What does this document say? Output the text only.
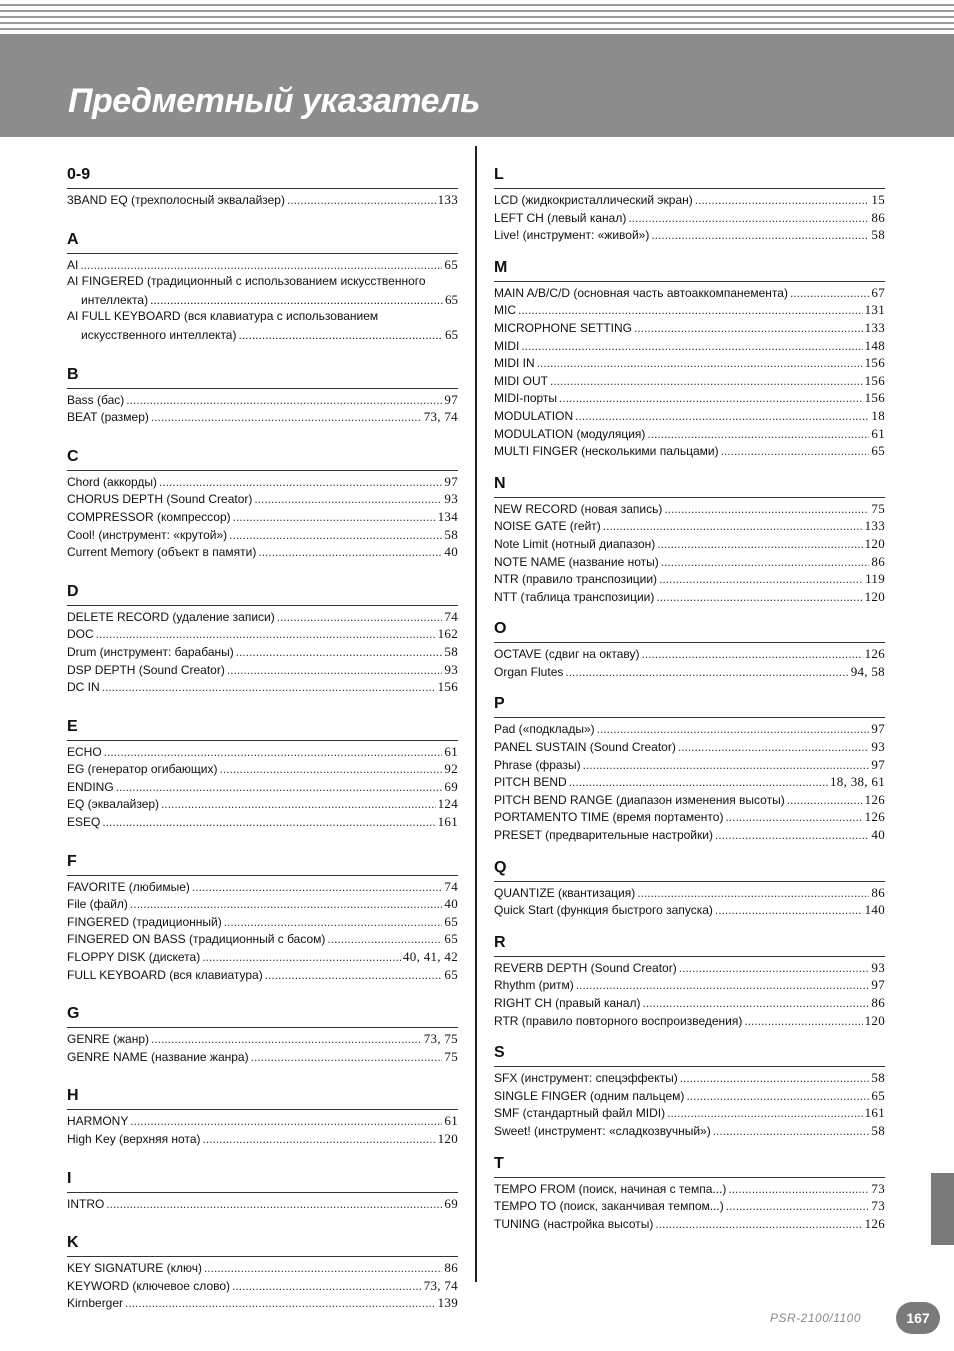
Предметный указатель
0-9
3BAND EQ (трехполосный эквалайзер) .....	133
A
AI .....	65
AI FINGERED (традиционный с использованием искусственного
интеллекта) .....	65
AI FULL KEYBOARD (вся клавиатура с использованием
искусственного интеллекта) .....	65
B
Bass (бас) .....	97
BEAT (размер) .....	73, 74
C
Chord (аккорды) .....	97
CHORUS DEPTH (Sound Creator) .....	93
COMPRESSOR (компрессор) .....	134
Cool! (инструмент: «крутой») .....	58
Current Memory (объект в памяти) .....	40
D
DELETE RECORD (удаление записи) .....	74
DOC .....	162
Drum (инструмент: барабаны) .....	58
DSP DEPTH (Sound Creator) .....	93
DC IN .....	156
E
ECHO .....	61
EG (генератор огибающих) .....	92
ENDING .....	69
EQ (эквалайзер) .....	124
ESEQ .....	161
F
FAVORITE (любимые) .....	74
File (файл) .....	40
FINGERED (традиционный) .....	65
FINGERED ON BASS (традиционный с басом) .....	65
FLOPPY DISK (дискета) .....	40, 41, 42
FULL KEYBOARD (вся клавиатура) .....	65
G
GENRE (жанр) .....	73, 75
GENRE NAME (название жанра) .....	75
H
HARMONY .....	61
High Key (верхняя нота) .....	120
I
INTRO .....	69
K
KEY SIGNATURE (ключ) .....	86
KEYWORD (ключевое слово) .....	73, 74
Kirnberger .....	139
L
LCD (жидкокристаллический экран) .....	15
LEFT CH (левый канал) .....	86
Live! (инструмент: «живой») .....	58
M
MAIN A/B/C/D (основная часть автоаккомпанемента) .....	67
MIC .....	131
MICROPHONE SETTING .....	133
MIDI .....	148
MIDI IN .....	156
MIDI OUT .....	156
MIDI-порты .....	156
MODULATION .....	18
MODULATION (модуляция) .....	61
MULTI FINGER (несколькими пальцами) .....	65
N
NEW RECORD (новая запись) .....	75
NOISE GATE (гейт) .....	133
Note Limit (нотный диапазон) .....	120
NOTE NAME (название ноты) .....	86
NTR (правило транспозиции) .....	119
NTT (таблица транспозиции) .....	120
O
OCTAVE (сдвиг на октаву) .....	126
Organ Flutes .....	94, 58
P
Pad («подклады») .....	97
PANEL SUSTAIN (Sound Creator) .....	93
Phrase (фразы) .....	97
PITCH BEND .....	18, 38, 61
PITCH BEND RANGE (диапазон изменения высоты) .....	126
PORTAMENTO TIME (время портаменто) .....	126
PRESET (предварительные настройки) .....	40
Q
QUANTIZE (квантизация) .....	86
Quick Start (функция быстрого запуска) .....	140
R
REVERB DEPTH (Sound Creator) .....	93
Rhythm (ритм) .....	97
RIGHT CH (правый канал) .....	86
RTR (правило повторного воспроизведения) .....	120
S
SFX (инструмент: спецэффекты) .....	58
SINGLE FINGER (одним пальцем) .....	65
SMF (стандартный файл MIDI) .....	161
Sweet! (инструмент: «сладкозвучный») .....	58
T
TEMPO FROM (поиск, начиная с темпа...) .....	73
TEMPO TO (поиск, заканчивая темпом...) .....	73
TUNING (настройка высоты) .....	126
PSR-2100/1100	167
